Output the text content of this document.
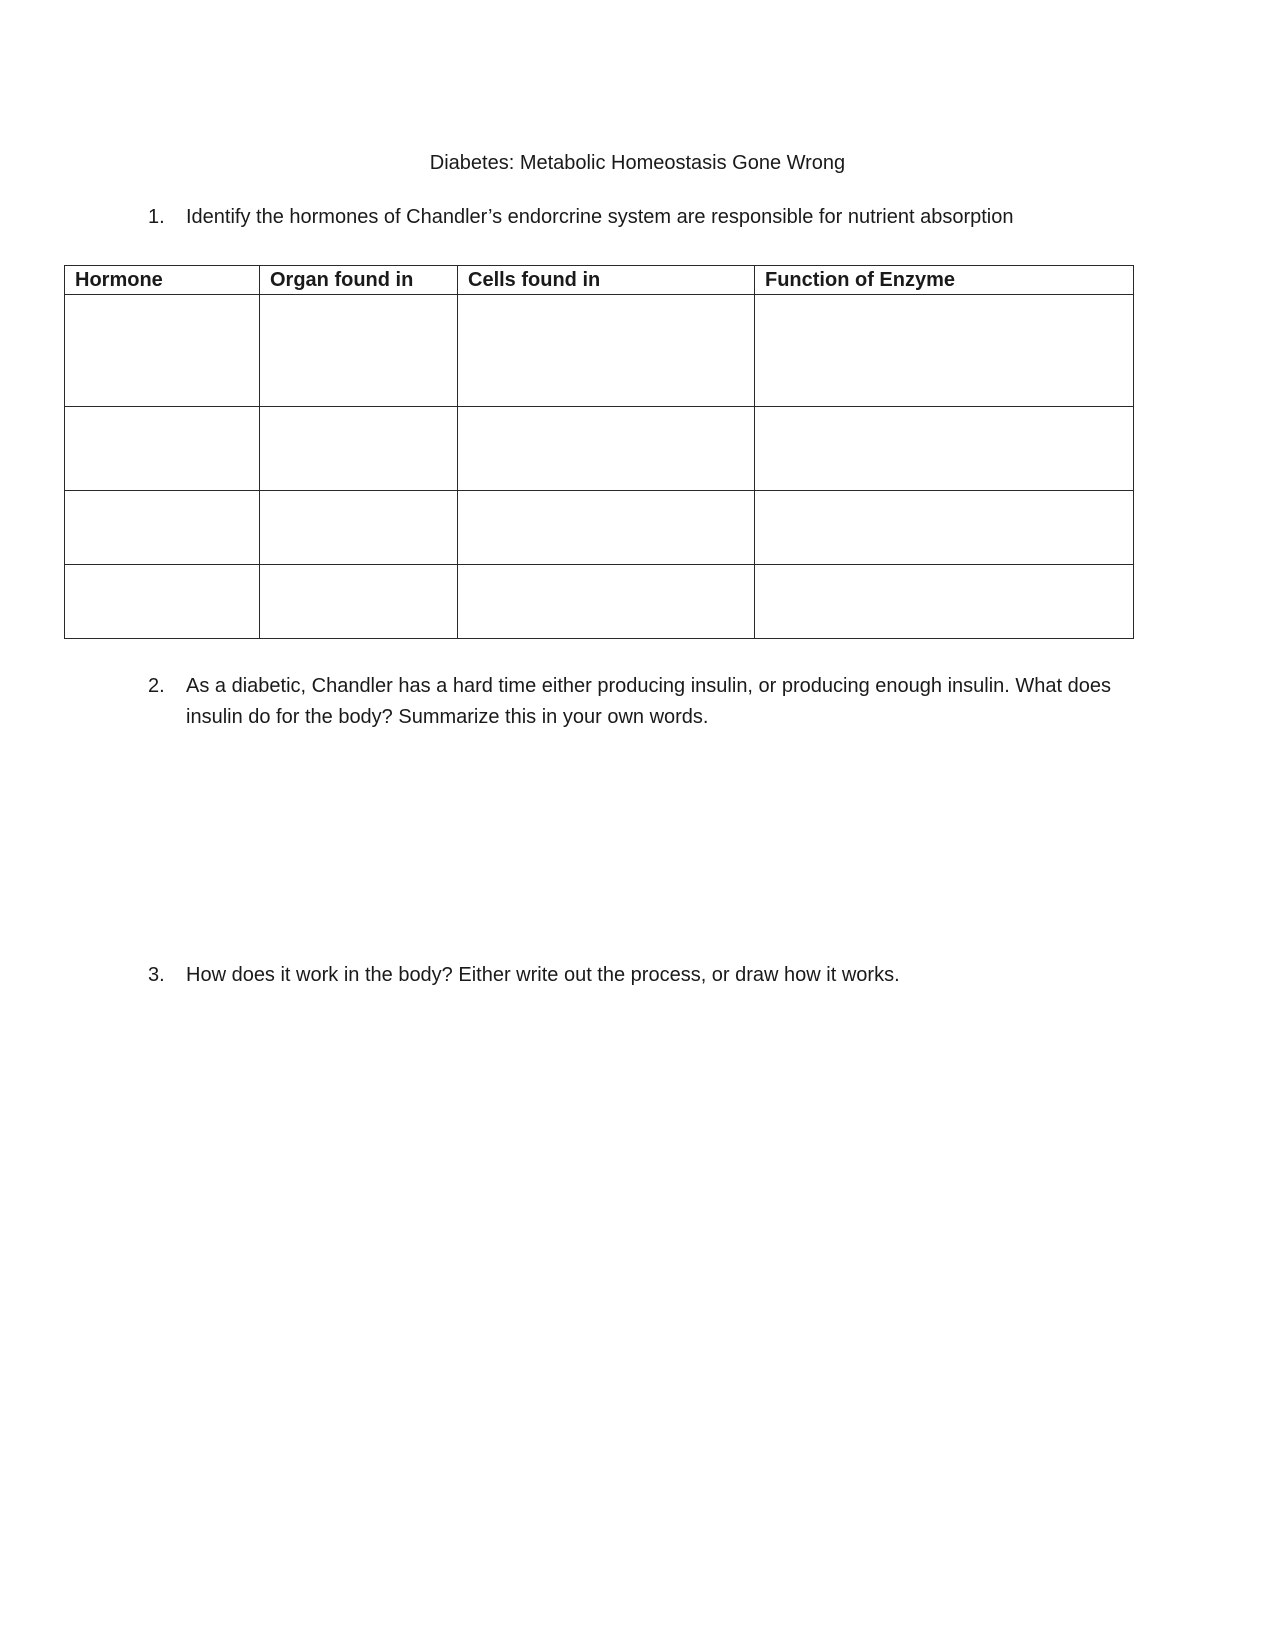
Diabetes: Metabolic Homeostasis Gone Wrong
1.	Identify the hormones of Chandler’s endorcrine system are responsible for nutrient absorption
Hormone	Organ found in	Cells found in	Function of Enzyme

2.	As a diabetic, Chandler has a hard time either producing insulin, or producing enough insulin. What does insulin do for the body? Summarize this in your own words.
3.	How does it work in the body? Either write out the process, or draw how it works.
